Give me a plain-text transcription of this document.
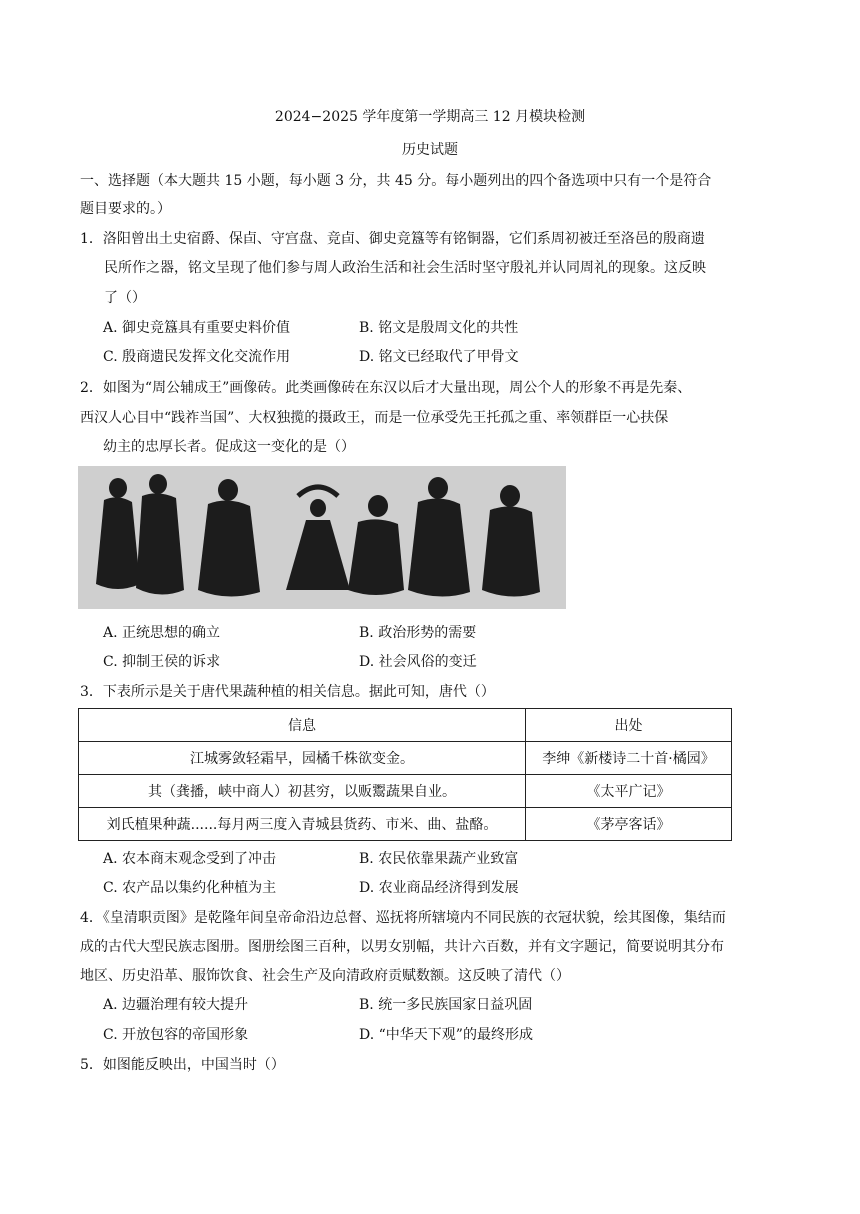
2024−2025 学年度第一学期高三 12 月模块检测
历史试题
一、选择题（本大题共 15 小题，每小题 3 分，共 45 分。每小题列出的四个备选项中只有一个是符合
题目要求的。）
1．洛阳曾出土史宿爵、保卣、守宫盘、竞卣、御史竞簋等有铭铜器，它们系周初被迁至洛邑的殷商遗
民所作之器，铭文呈现了他们参与周人政治生活和社会生活时坚守殷礼并认同周礼的现象。这反映
了（）
A. 御史竞簋具有重要史料价值	B. 铭文是殷周文化的共性
C. 殷商遗民发挥文化交流作用	D. 铭文已经取代了甲骨文
2．如图为“周公辅成王”画像砖。此类画像砖在东汉以后才大量出现，周公个人的形象不再是先秦、
西汉人心目中“践祚当国”、大权独揽的摄政王，而是一位承受先王托孤之重、率领群臣一心扶保
幼主的忠厚长者。促成这一变化的是（）
A. 正统思想的确立	B. 政治形势的需要
C. 抑制王侯的诉求	D. 社会风俗的变迁
3．下表所示是关于唐代果蔬种植的相关信息。据此可知，唐代（）
信息	出处
江城雾敛轻霜早，园橘千株欲变金。	李绅《新楼诗二十首·橘园》
其（龚播，峡中商人）初甚穷，以贩鬻蔬果自业。	《太平广记》
刘氏植果种蔬......每月两三度入青城县货药、市米、曲、盐酪。	《茅亭客话》
A. 农本商末观念受到了冲击	B. 农民依靠果蔬产业致富
C. 农产品以集约化种植为主	D. 农业商品经济得到发展
4．《皇清职贡图》是乾隆年间皇帝命沿边总督、巡抚将所辖境内不同民族的衣冠状貌，绘其图像，集结而
成的古代大型民族志图册。图册绘图三百种，以男女别幅，共计六百数，并有文字题记，简要说明其分布
地区、历史沿革、服饰饮食、社会生产及向清政府贡赋数额。这反映了清代（）
A. 边疆治理有较大提升	B. 统一多民族国家日益巩固
C. 开放包容的帝国形象	D. “中华天下观”的最终形成
5．如图能反映出，中国当时（）
